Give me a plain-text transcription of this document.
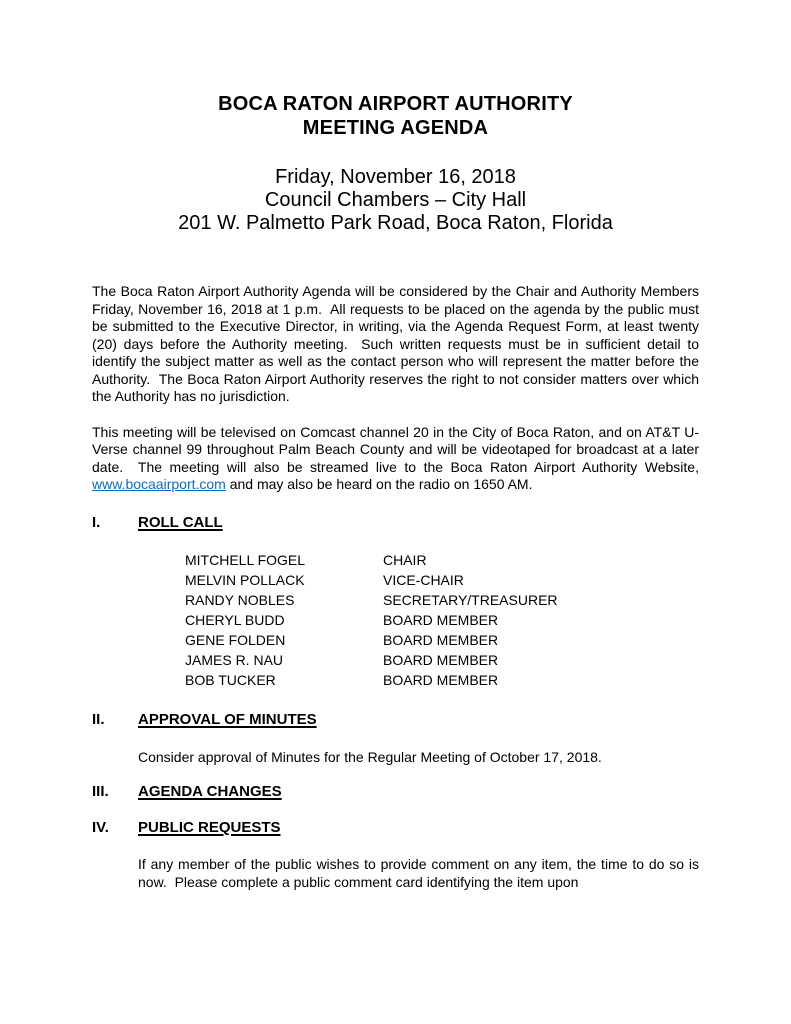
BOCA RATON AIRPORT AUTHORITY
MEETING AGENDA
Friday, November 16, 2018
Council Chambers – City Hall
201 W. Palmetto Park Road, Boca Raton, Florida

The Boca Raton Airport Authority Agenda will be considered by the Chair and Authority Members Friday, November 16, 2018 at 1 p.m.  All requests to be placed on the agenda by the public must be submitted to the Executive Director, in writing, via the Agenda Request Form, at least twenty (20) days before the Authority meeting.  Such written requests must be in sufficient detail to identify the subject matter as well as the contact person who will represent the matter before the Authority.  The Boca Raton Airport Authority reserves the right to not consider matters over which the Authority has no jurisdiction.

This meeting will be televised on Comcast channel 20 in the City of Boca Raton, and on AT&T U-Verse channel 99 throughout Palm Beach County and will be videotaped for broadcast at a later date.  The meeting will also be streamed live to the Boca Raton Airport Authority Website, www.bocaairport.com and may also be heard on the radio on 1650 AM.

I.	ROLL CALL
MITCHELL FOGEL	CHAIR
MELVIN POLLACK	VICE-CHAIR
RANDY NOBLES	SECRETARY/TREASURER
CHERYL BUDD	BOARD MEMBER
GENE FOLDEN	BOARD MEMBER
JAMES R. NAU	BOARD MEMBER
BOB TUCKER	BOARD MEMBER
II.	APPROVAL OF MINUTES

Consider approval of Minutes for the Regular Meeting of October 17, 2018.

III.	AGENDA CHANGES
IV.	PUBLIC REQUESTS

If any member of the public wishes to provide comment on any item, the time to do so is now.  Please complete a public comment card identifying the item upon
